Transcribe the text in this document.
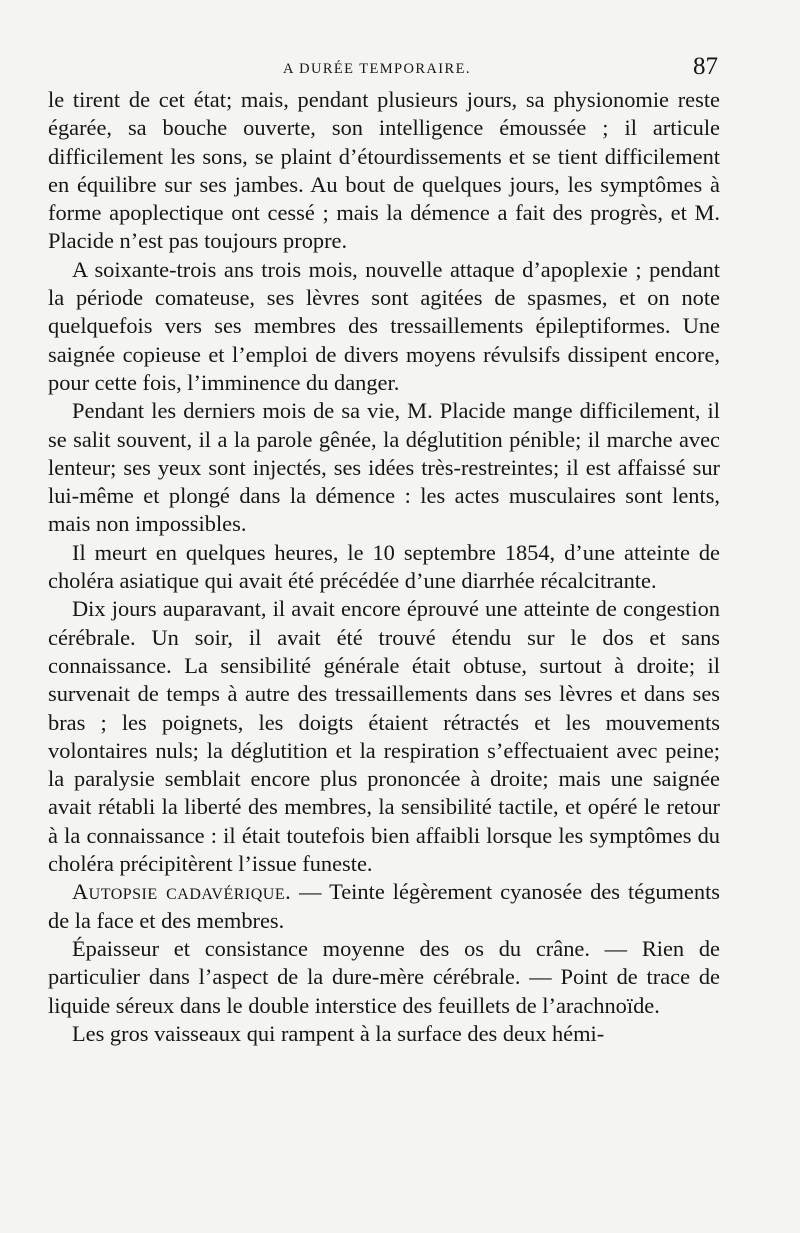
A DURÉE TEMPORAIRE.	87

le tirent de cet état; mais, pendant plusieurs jours, sa physionomie reste égarée, sa bouche ouverte, son intelligence émoussée ; il articule difficilement les sons, se plaint d’étourdissements et se tient difficilement en équilibre sur ses jambes. Au bout de quelques jours, les symptômes à forme apoplectique ont cessé ; mais la démence a fait des progrès, et M. Placide n’est pas toujours propre.

A soixante-trois ans trois mois, nouvelle attaque d’apoplexie ; pendant la période comateuse, ses lèvres sont agitées de spasmes, et on note quelquefois vers ses membres des tressaillements épileptiformes. Une saignée copieuse et l’emploi de divers moyens révulsifs dissipent encore, pour cette fois, l’imminence du danger.

Pendant les derniers mois de sa vie, M. Placide mange difficilement, il se salit souvent, il a la parole gênée, la déglutition pénible; il marche avec lenteur; ses yeux sont injectés, ses idées très-restreintes; il est affaissé sur lui-même et plongé dans la démence : les actes musculaires sont lents, mais non impossibles.

Il meurt en quelques heures, le 10 septembre 1854, d’une atteinte de choléra asiatique qui avait été précédée d’une diarrhée récalcitrante.

Dix jours auparavant, il avait encore éprouvé une atteinte de congestion cérébrale. Un soir, il avait été trouvé étendu sur le dos et sans connaissance. La sensibilité générale était obtuse, surtout à droite; il survenait de temps à autre des tressaillements dans ses lèvres et dans ses bras ; les poignets, les doigts étaient rétractés et les mouvements volontaires nuls; la déglutition et la respiration s’effectuaient avec peine; la paralysie semblait encore plus prononcée à droite; mais une saignée avait rétabli la liberté des membres, la sensibilité tactile, et opéré le retour à la connaissance : il était toutefois bien affaibli lorsque les symptômes du choléra précipitèrent l’issue funeste.

Autopsie cadavérique. — Teinte légèrement cyanosée des téguments de la face et des membres.

Épaisseur et consistance moyenne des os du crâne. — Rien de particulier dans l’aspect de la dure-mère cérébrale. — Point de trace de liquide séreux dans le double interstice des feuillets de l’arachnoïde.

Les gros vaisseaux qui rampent à la surface des deux hémi-
